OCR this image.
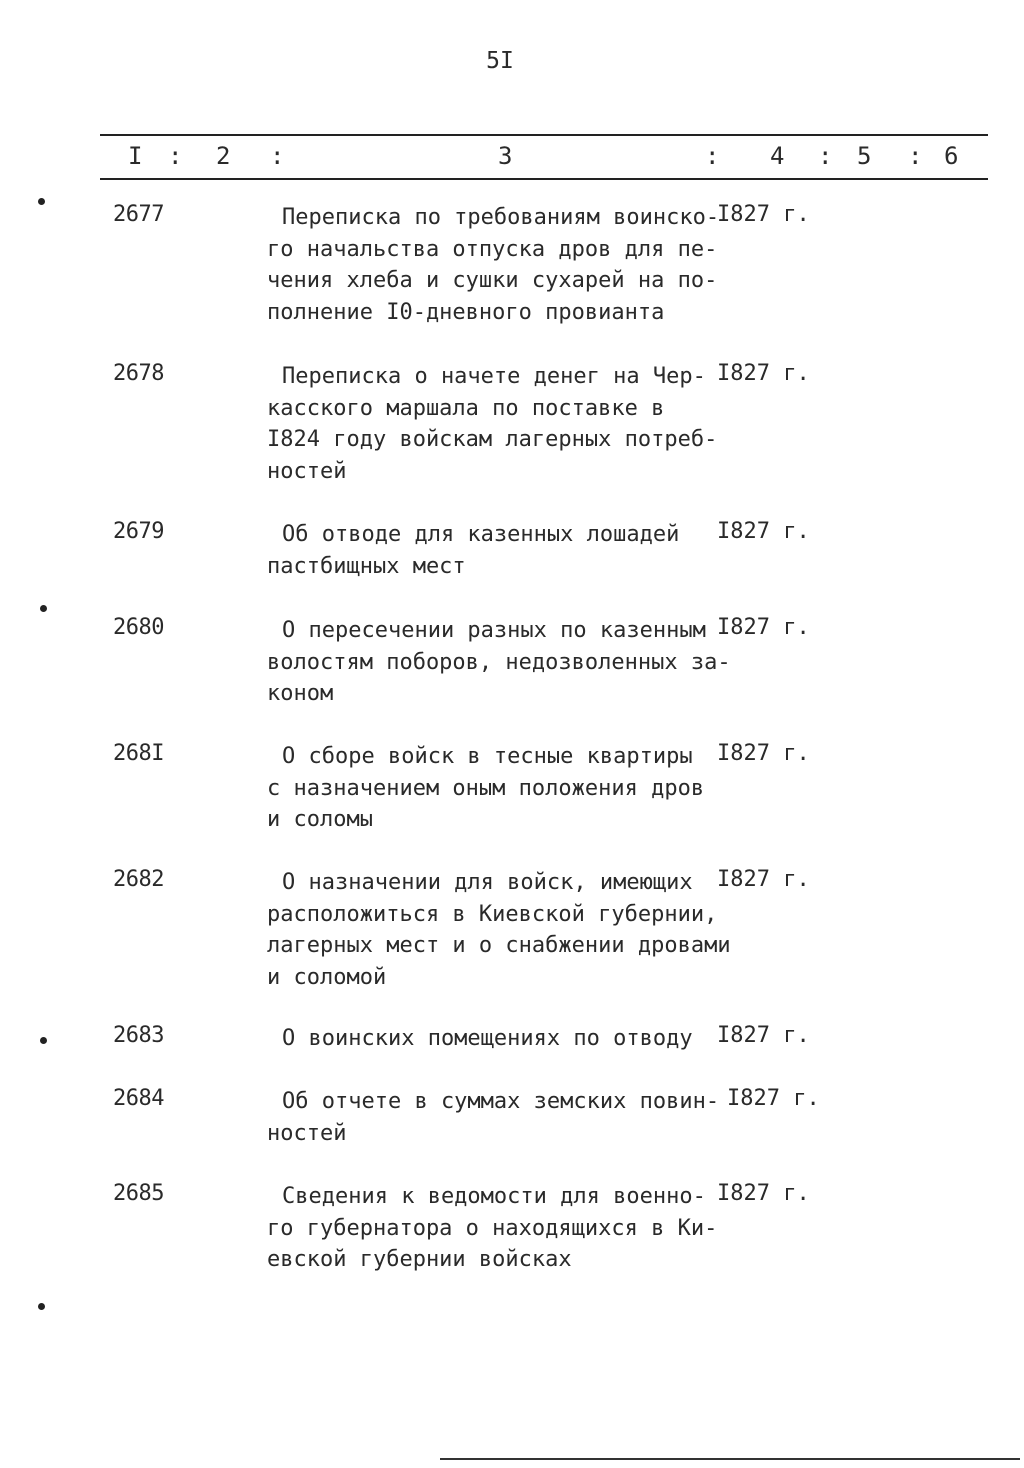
5I
I : 2 :	3	: 4 : 5 : 6
2677	Переписка по требованиям воинско-
го начальства отпуска дров для пе-
чения хлеба и сушки сухарей на по-
полнение I0-дневного провианта
I827 г.
2678	Переписка о начете денег на Чер-
касского маршала по поставке в
I824 году войскам лагерных потреб-
ностей
I827 г.
2679	Об отводе для казенных лошадей
пастбищных мест
I827 г.
2680	О пересечении разных по казенным
волостям поборов, недозволенных за-
коном
I827 г.
268I	О сборе войск в тесные квартиры
с назначением оным положения дров
и соломы
I827 г.
2682	О назначении для войск, имеющих
расположиться в Киевской губернии,
лагерных мест и о снабжении дровами
и соломой
I827 г.
2683	О воинских помещениях по отводу	I827 г.
2684	Об отчете в суммах земских повин-
ностей
I827 г.
2685	Сведения к ведомости для военно-
го губернатора о находящихся в Ки-
евской губернии войсках
I827 г.
